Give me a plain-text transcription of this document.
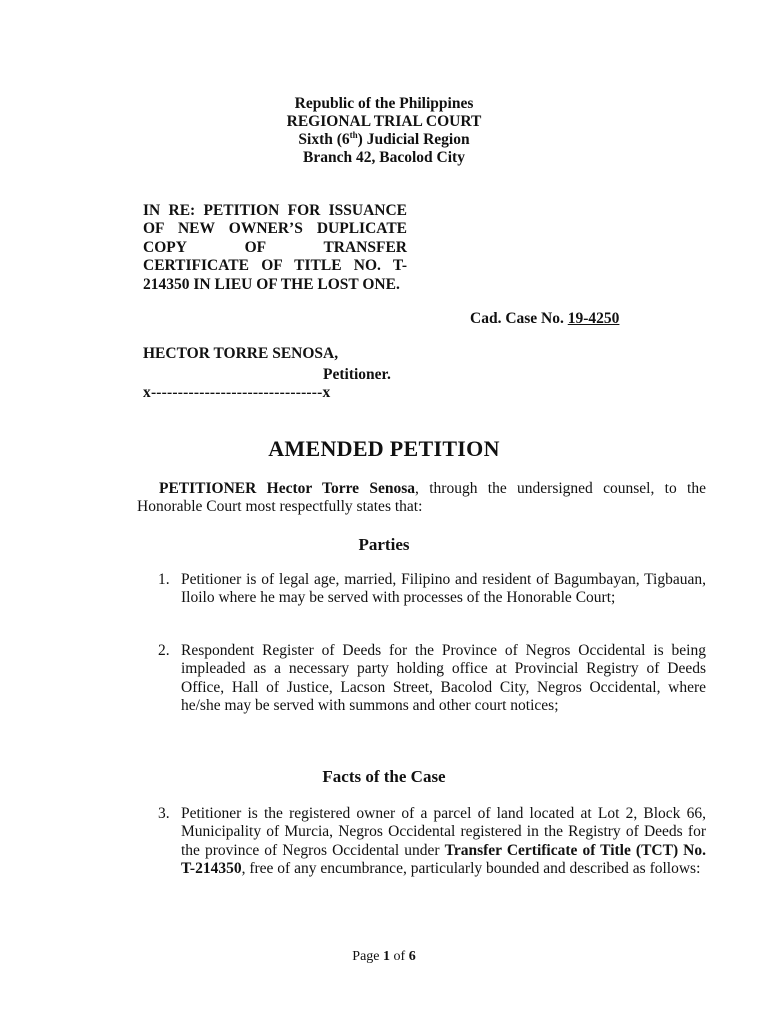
Republic of the Philippines
REGIONAL TRIAL COURT
Sixth (6th) Judicial Region
Branch 42, Bacolod City
IN RE: PETITION FOR ISSUANCE OF NEW OWNER’S DUPLICATE COPY OF TRANSFER CERTIFICATE OF TITLE NO. T-214350 IN LIEU OF THE LOST ONE.
Cad. Case No. 19-4250
HECTOR TORRE SENOSA,
Petitioner.
x--------------------------------x
AMENDED PETITION
PETITIONER Hector Torre Senosa, through the undersigned counsel, to the Honorable Court most respectfully states that:
Parties
1. Petitioner is of legal age, married, Filipino and resident of Bagumbayan, Tigbauan, Iloilo where he may be served with processes of the Honorable Court;
2. Respondent Register of Deeds for the Province of Negros Occidental is being impleaded as a necessary party holding office at Provincial Registry of Deeds Office, Hall of Justice, Lacson Street, Bacolod City, Negros Occidental, where he/she may be served with summons and other court notices;
Facts of the Case
3. Petitioner is the registered owner of a parcel of land located at Lot 2, Block 66, Municipality of Murcia, Negros Occidental registered in the Registry of Deeds for the province of Negros Occidental under Transfer Certificate of Title (TCT) No. T-214350, free of any encumbrance, particularly bounded and described as follows:
Page 1 of 6
